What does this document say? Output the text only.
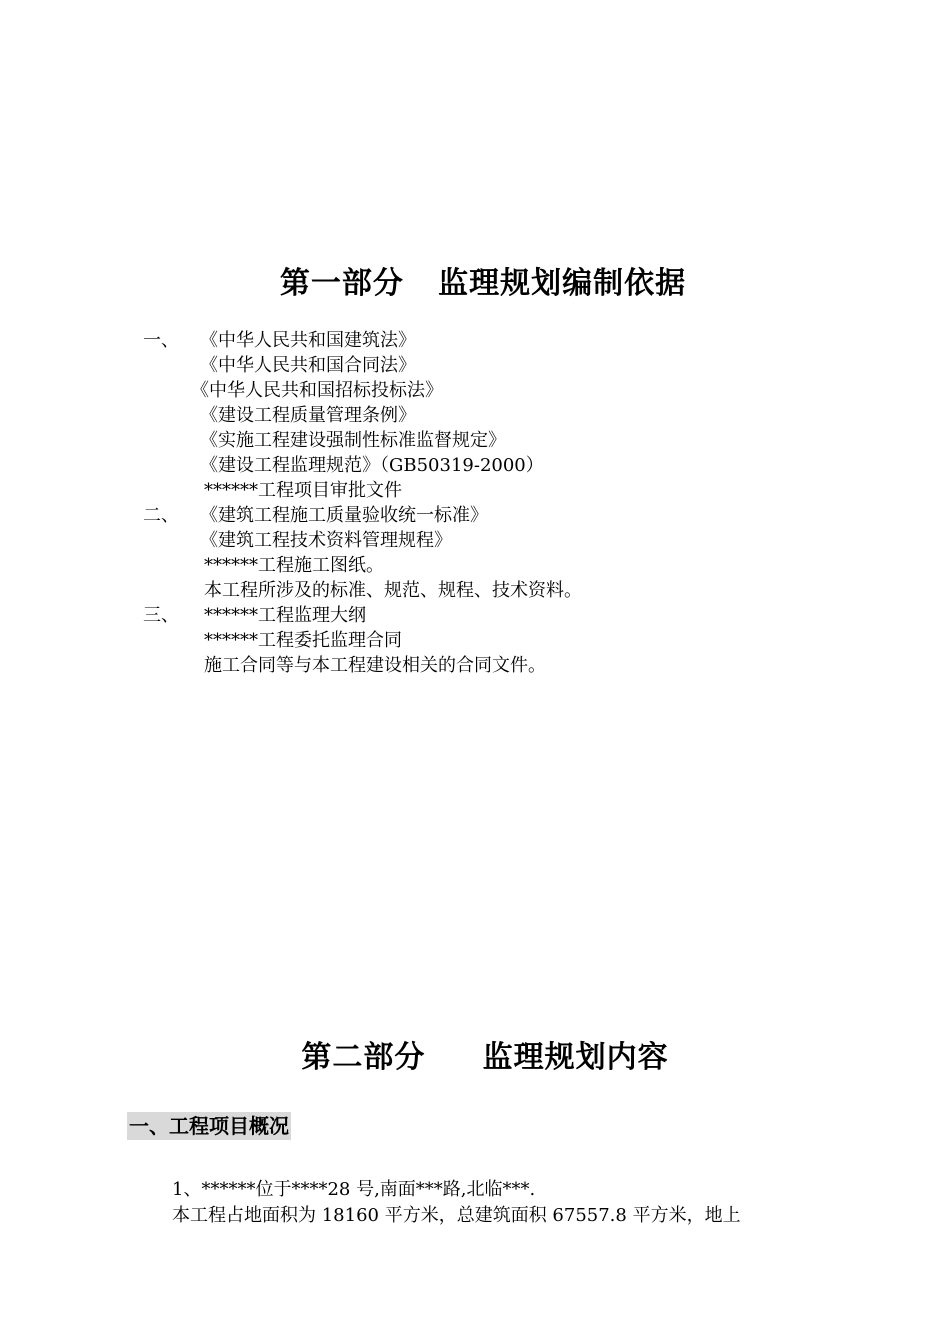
第一部分   监理规划编制依据
一、 《中华人民共和国建筑法》
《中华人民共和国合同法》
《中华人民共和国招标投标法》
《建设工程质量管理条例》
《实施工程建设强制性标准监督规定》
《建设工程监理规范》（GB50319-2000）
******工程项目审批文件
二、 《建筑工程施工质量验收统一标准》
《建筑工程技术资料管理规程》
******工程施工图纸。
本工程所涉及的标准、规范、规程、技术资料。
三、 ******工程监理大纲
******工程委托监理合同
施工合同等与本工程建设相关的合同文件。
第二部分     监理规划内容
一、工程项目概况
1、******位于****28 号,南面***路,北临***.
本工程占地面积为 18160 平方米，总建筑面积 67557.8 平方米，地上
